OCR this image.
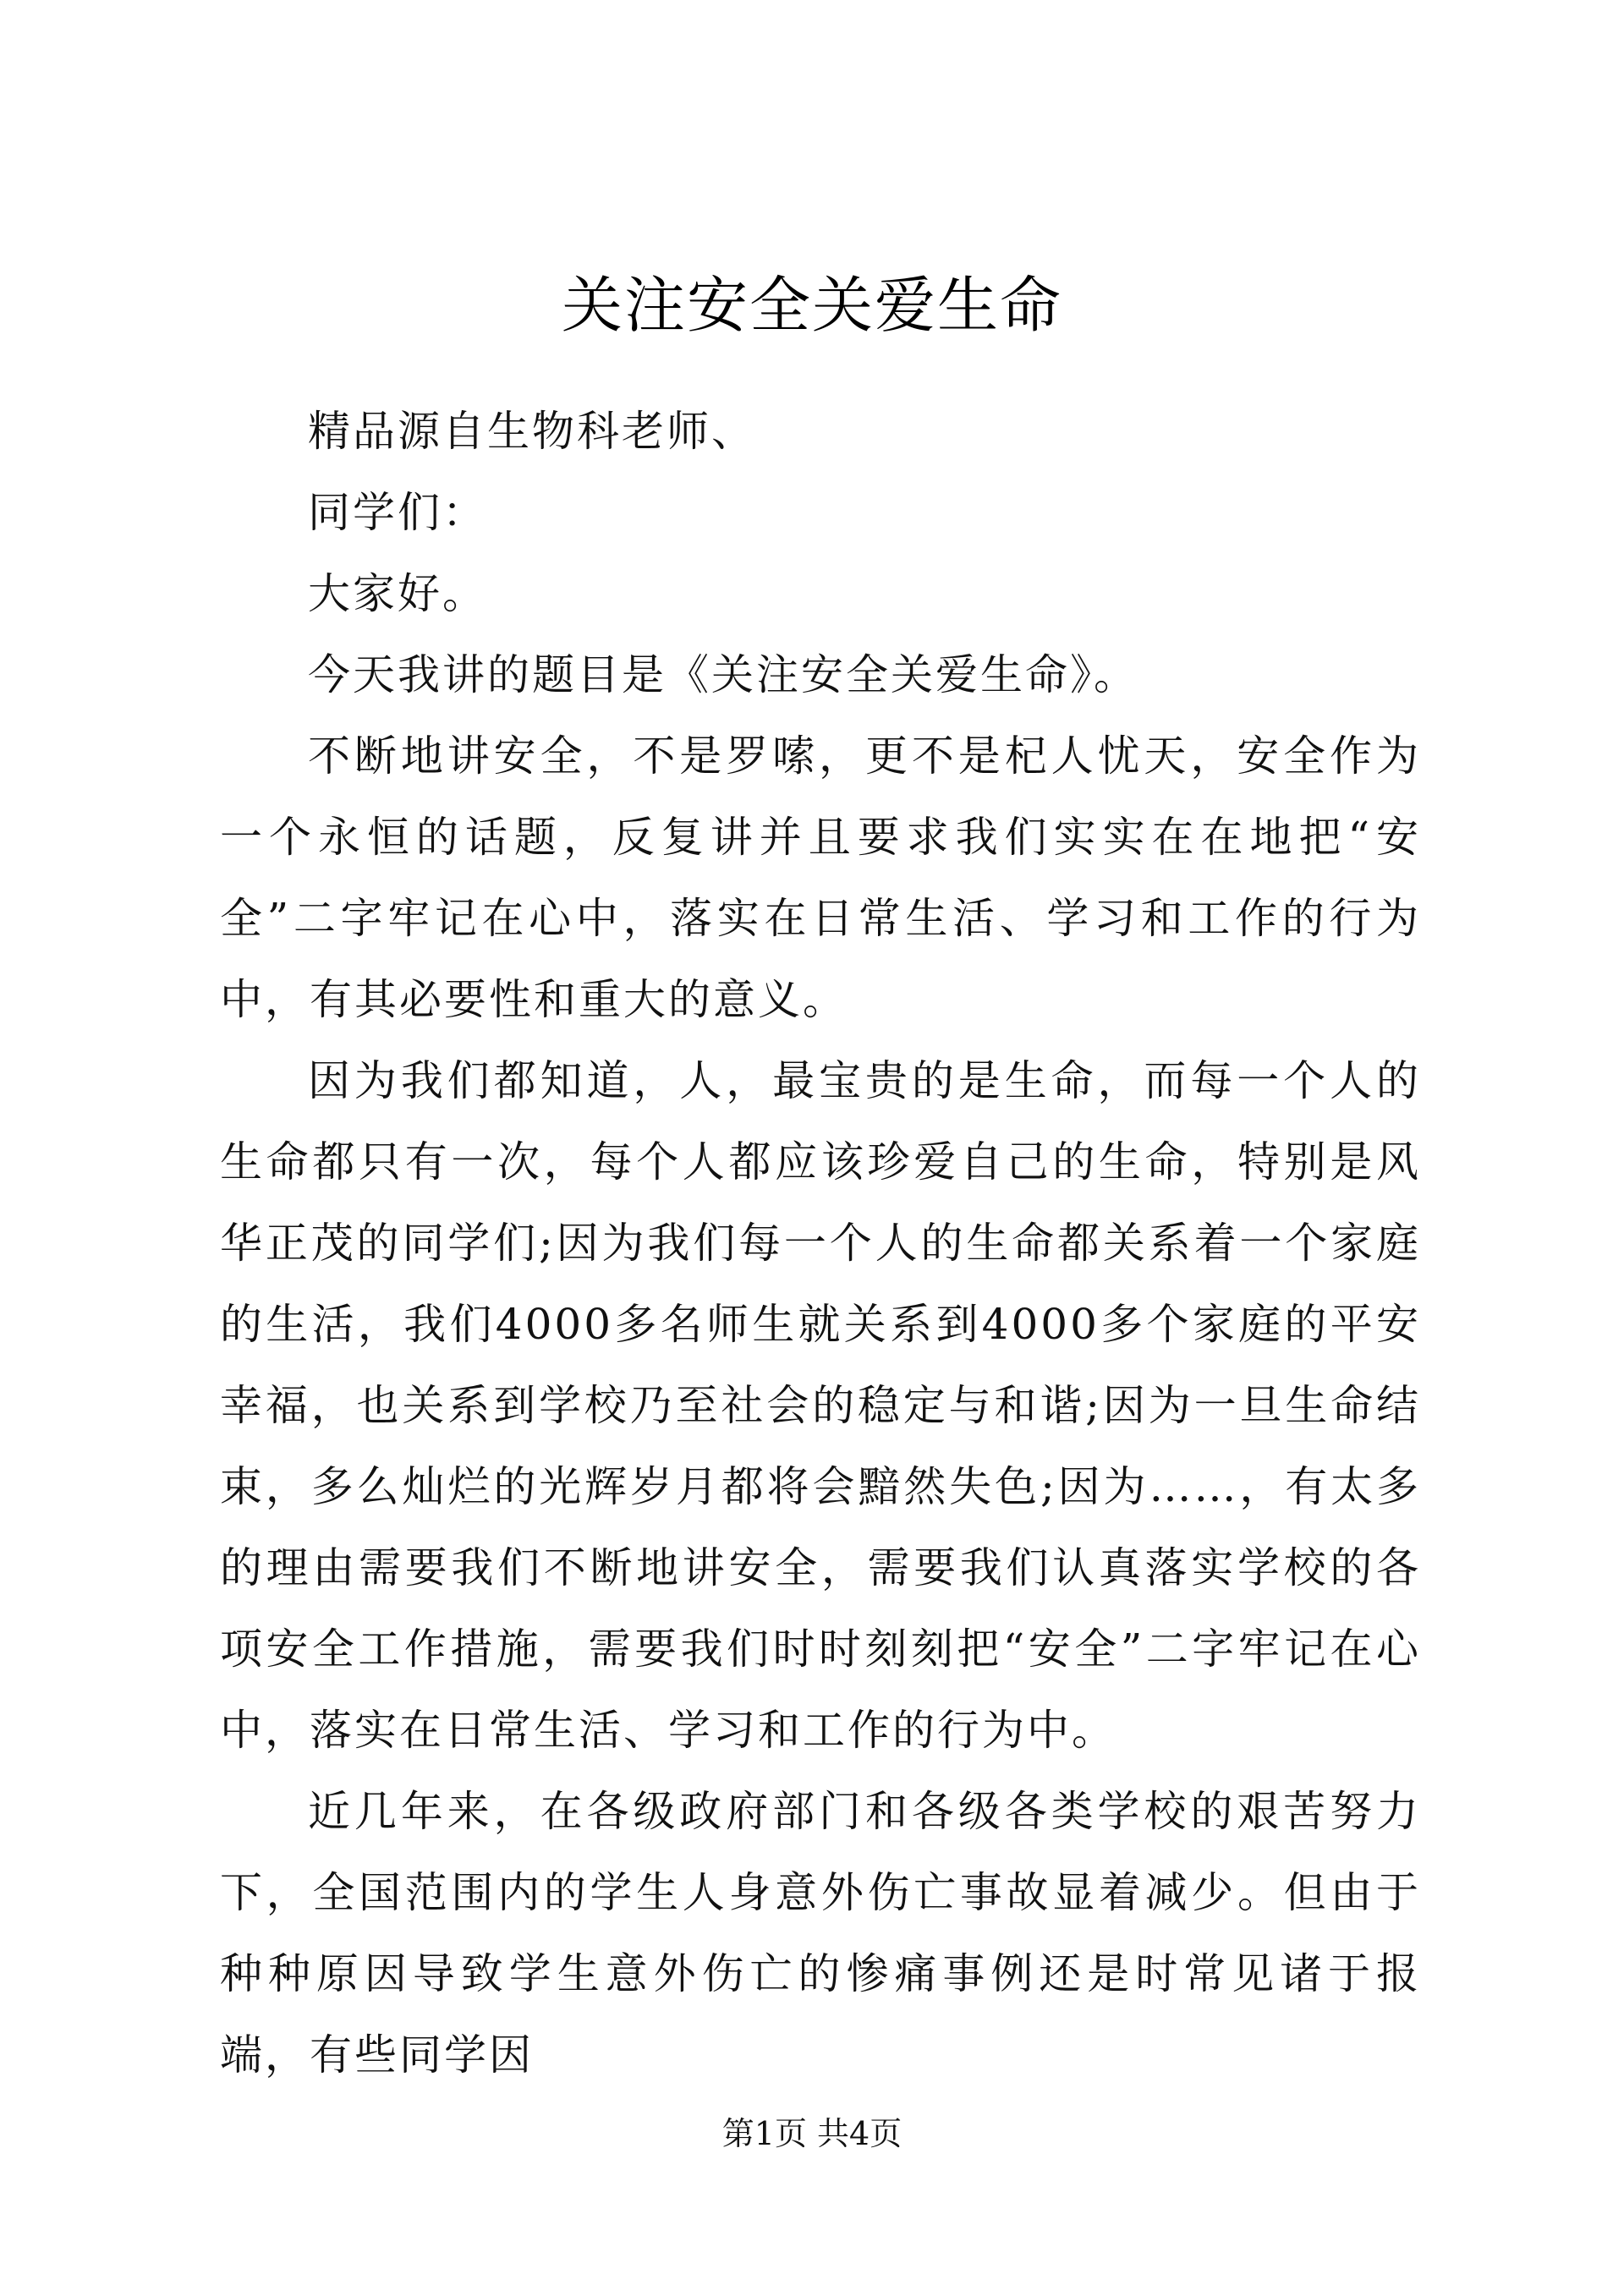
关注安全关爱生命

精品源自生物科老师、

同学们：

大家好。

今天我讲的题目是《关注安全关爱生命》。

不断地讲安全，不是罗嗦，更不是杞人忧天，安全作为一个永恒的话题，反复讲并且要求我们实实在在地把“安全”二字牢记在心中，落实在日常生活、学习和工作的行为中，有其必要性和重大的意义。

因为我们都知道，人，最宝贵的是生命，而每一个人的生命都只有一次，每个人都应该珍爱自己的生命，特别是风华正茂的同学们;因为我们每一个人的生命都关系着一个家庭的生活，我们4000多名师生就关系到4000多个家庭的平安幸福，也关系到学校乃至社会的稳定与和谐;因为一旦生命结束，多么灿烂的光辉岁月都将会黯然失色;因为……，有太多的理由需要我们不断地讲安全，需要我们认真落实学校的各项安全工作措施，需要我们时时刻刻把“安全”二字牢记在心中，落实在日常生活、学习和工作的行为中。

近几年来，在各级政府部门和各级各类学校的艰苦努力下，全国范围内的学生人身意外伤亡事故显着减少。但由于种种原因导致学生意外伤亡的惨痛事例还是时常见诸于报端，有些同学因

第1页 共4页
